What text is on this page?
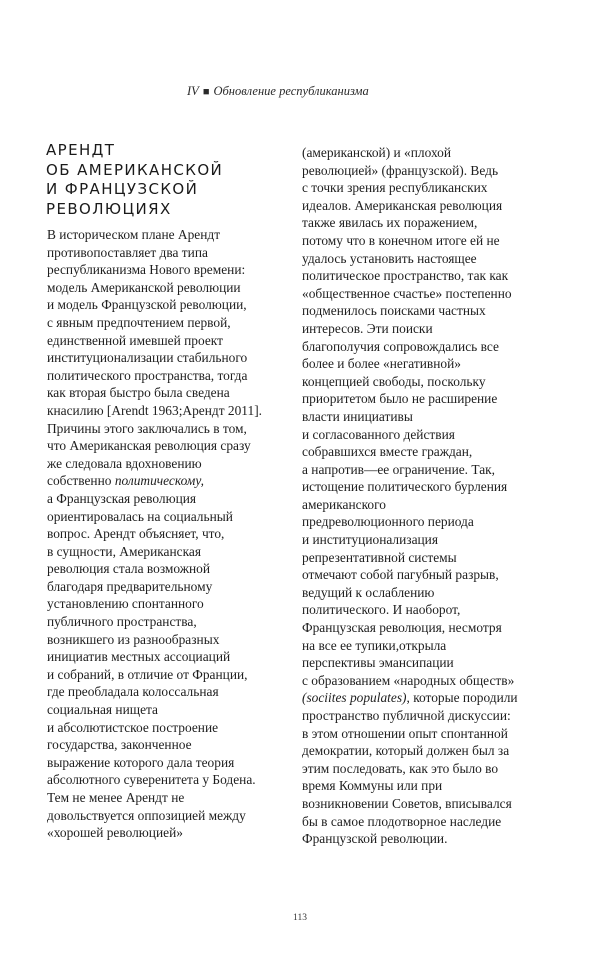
IV ■ Обновление республиканизма
АРЕНДТ
ОБ АМЕРИКАНСКОЙ
И ФРАНЦУЗСКОЙ
РЕВОЛЮЦИЯХ
В историческом плане Арендт
противопоставляет два типа
республиканизма Нового времени:
модель Американской революции
и модель Французской революции,
с явным предпочтением первой,
единственной имевшей проект
институционализации стабильного
политического пространства, тогда
как вторая быстро была сведена
кнасилию [Arendt 1963;Арендт 2011].
Причины этого заключались в том,
что Американская революция сразу
же следовала вдохновению
собственно политическому,
а Французская революция
ориентировалась на социальный
вопрос. Арендт объясняет, что,
в сущности, Американская
революция стала возможной
благодаря предварительному
установлению спонтанного
публичного пространства,
возникшего из разнообразных
инициатив местных ассоциаций
и собраний, в отличие от Франции,
где преобладала колоссальная
социальная нищета
и абсолютистское построение
государства, законченное
выражение которого дала теория
абсолютного суверенитета у Бодена.
Тем не менее Арендт не
довольствуется оппозицией между
«хорошей революцией»
(американской) и «плохой
революцией» (французской). Ведь
с точки зрения республиканских
идеалов. Американская революция
также явилась их поражением,
потому что в конечном итоге ей не
удалось установить настоящее
политическое пространство, так как
«общественное счастье» постепенно
подменилось поисками частных
интересов. Эти поиски
благополучия сопровождались все
более и более «негативной»
концепцией свободы, поскольку
приоритетом было не расширение
власти инициативы
и согласованного действия
собравшихся вместе граждан,
а напротив—ее ограничение. Так,
истощение политического бурления
американского
предреволюционного периода
и институционализация
репрезентативной системы
отмечают собой пагубный разрыв,
ведущий к ослаблению
политического. И наоборот,
Французская революция, несмотря
на все ее тупики,открыла
перспективы эмансипации
с образованием «народных обществ»
(sociites populates), которые породили
пространство публичной дискуссии:
в этом отношении опыт спонтанной
демократии, который должен был за
этим последовать, как это было во
время Коммуны или при
возникновении Советов, вписывался
бы в самое плодотворное наследие
Французской революции.
113
